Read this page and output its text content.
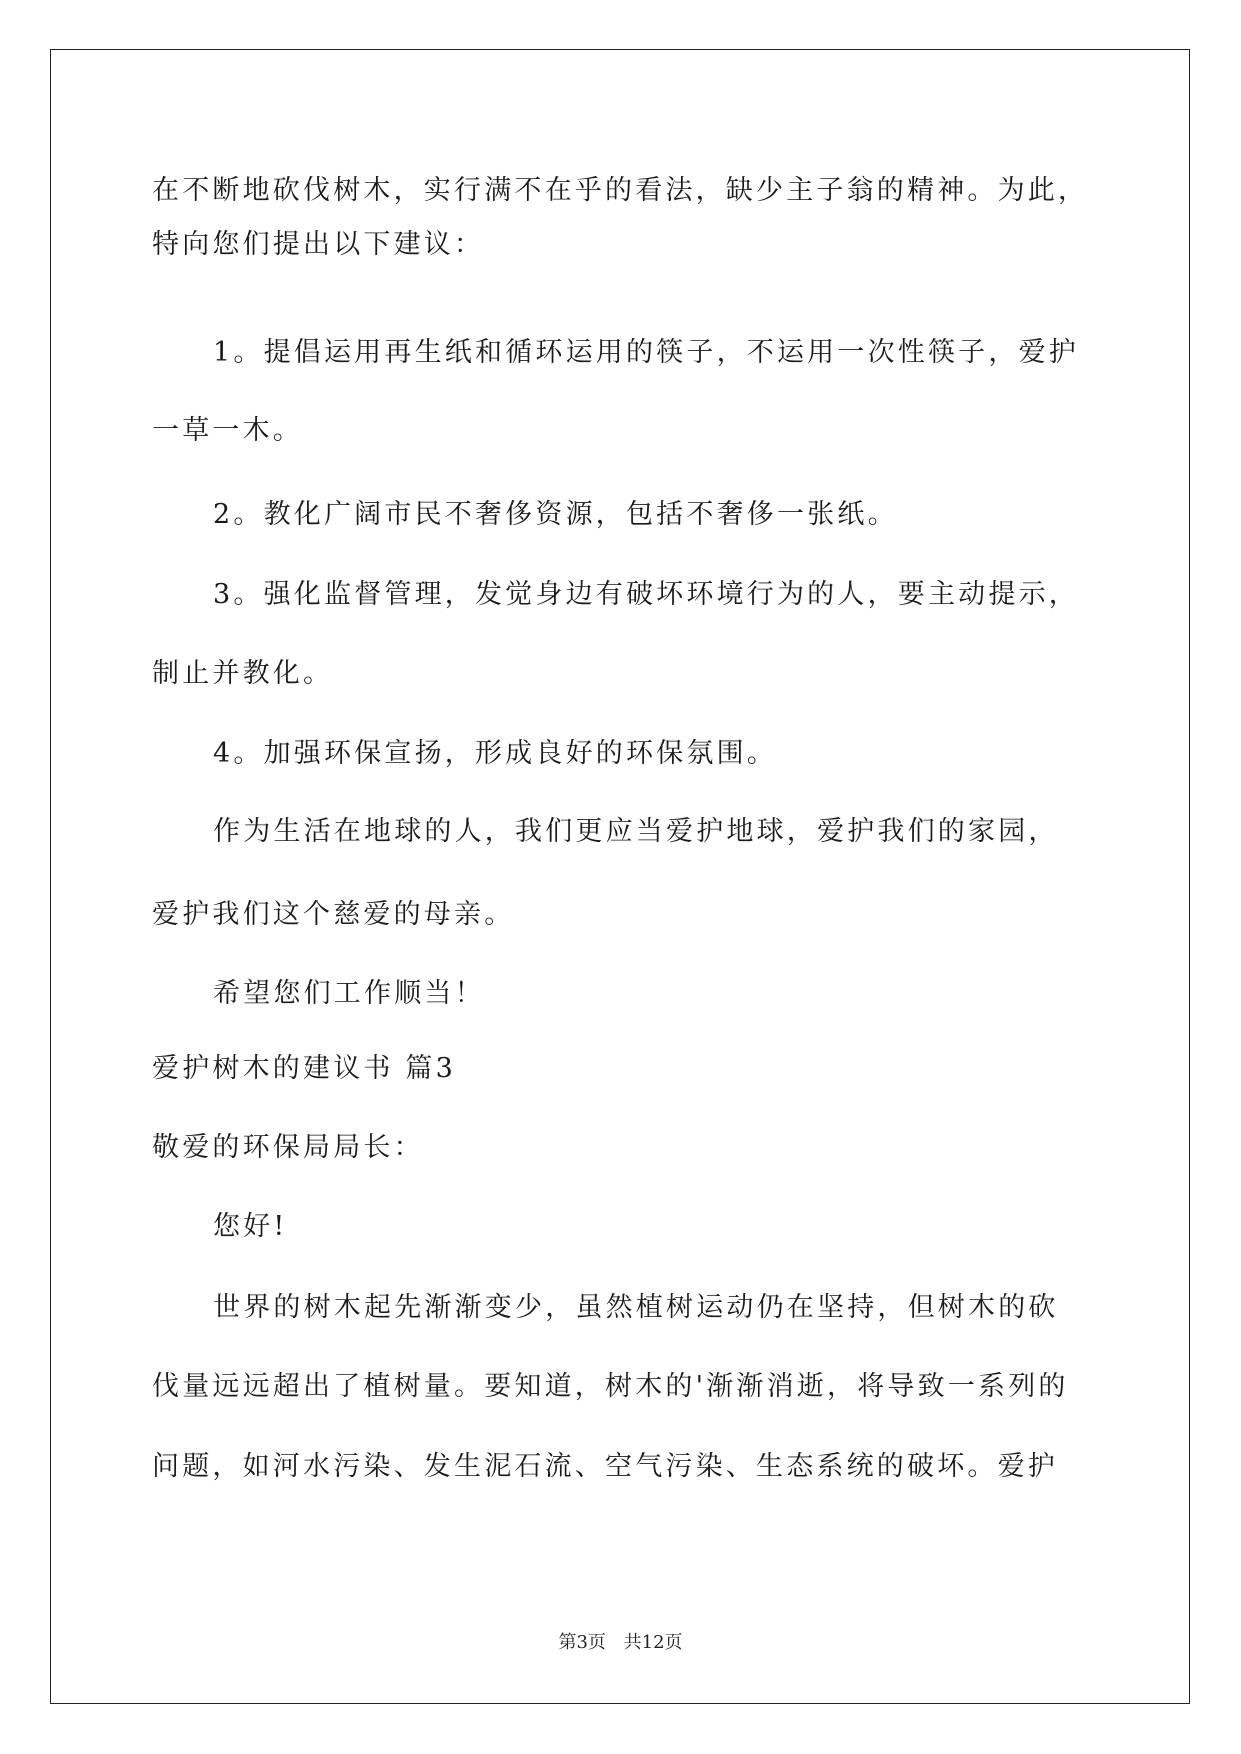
在不断地砍伐树木，实行满不在乎的看法，缺少主子翁的精神。为此，
特向您们提出以下建议：
1。提倡运用再生纸和循环运用的筷子，不运用一次性筷子，爱护
一草一木。
2。教化广阔市民不奢侈资源，包括不奢侈一张纸。
3。强化监督管理，发觉身边有破坏环境行为的人，要主动提示，
制止并教化。
4。加强环保宣扬，形成良好的环保氛围。
作为生活在地球的人，我们更应当爱护地球，爱护我们的家园，
爱护我们这个慈爱的母亲。
希望您们工作顺当！
爱护树木的建议书 篇3
敬爱的环保局局长：
您好!
世界的树木起先渐渐变少，虽然植树运动仍在坚持，但树木的砍
伐量远远超出了植树量。要知道，树木的'渐渐消逝，将导致一系列的
问题，如河水污染、发生泥石流、空气污染、生态系统的破坏。爱护
第3页 共12页
